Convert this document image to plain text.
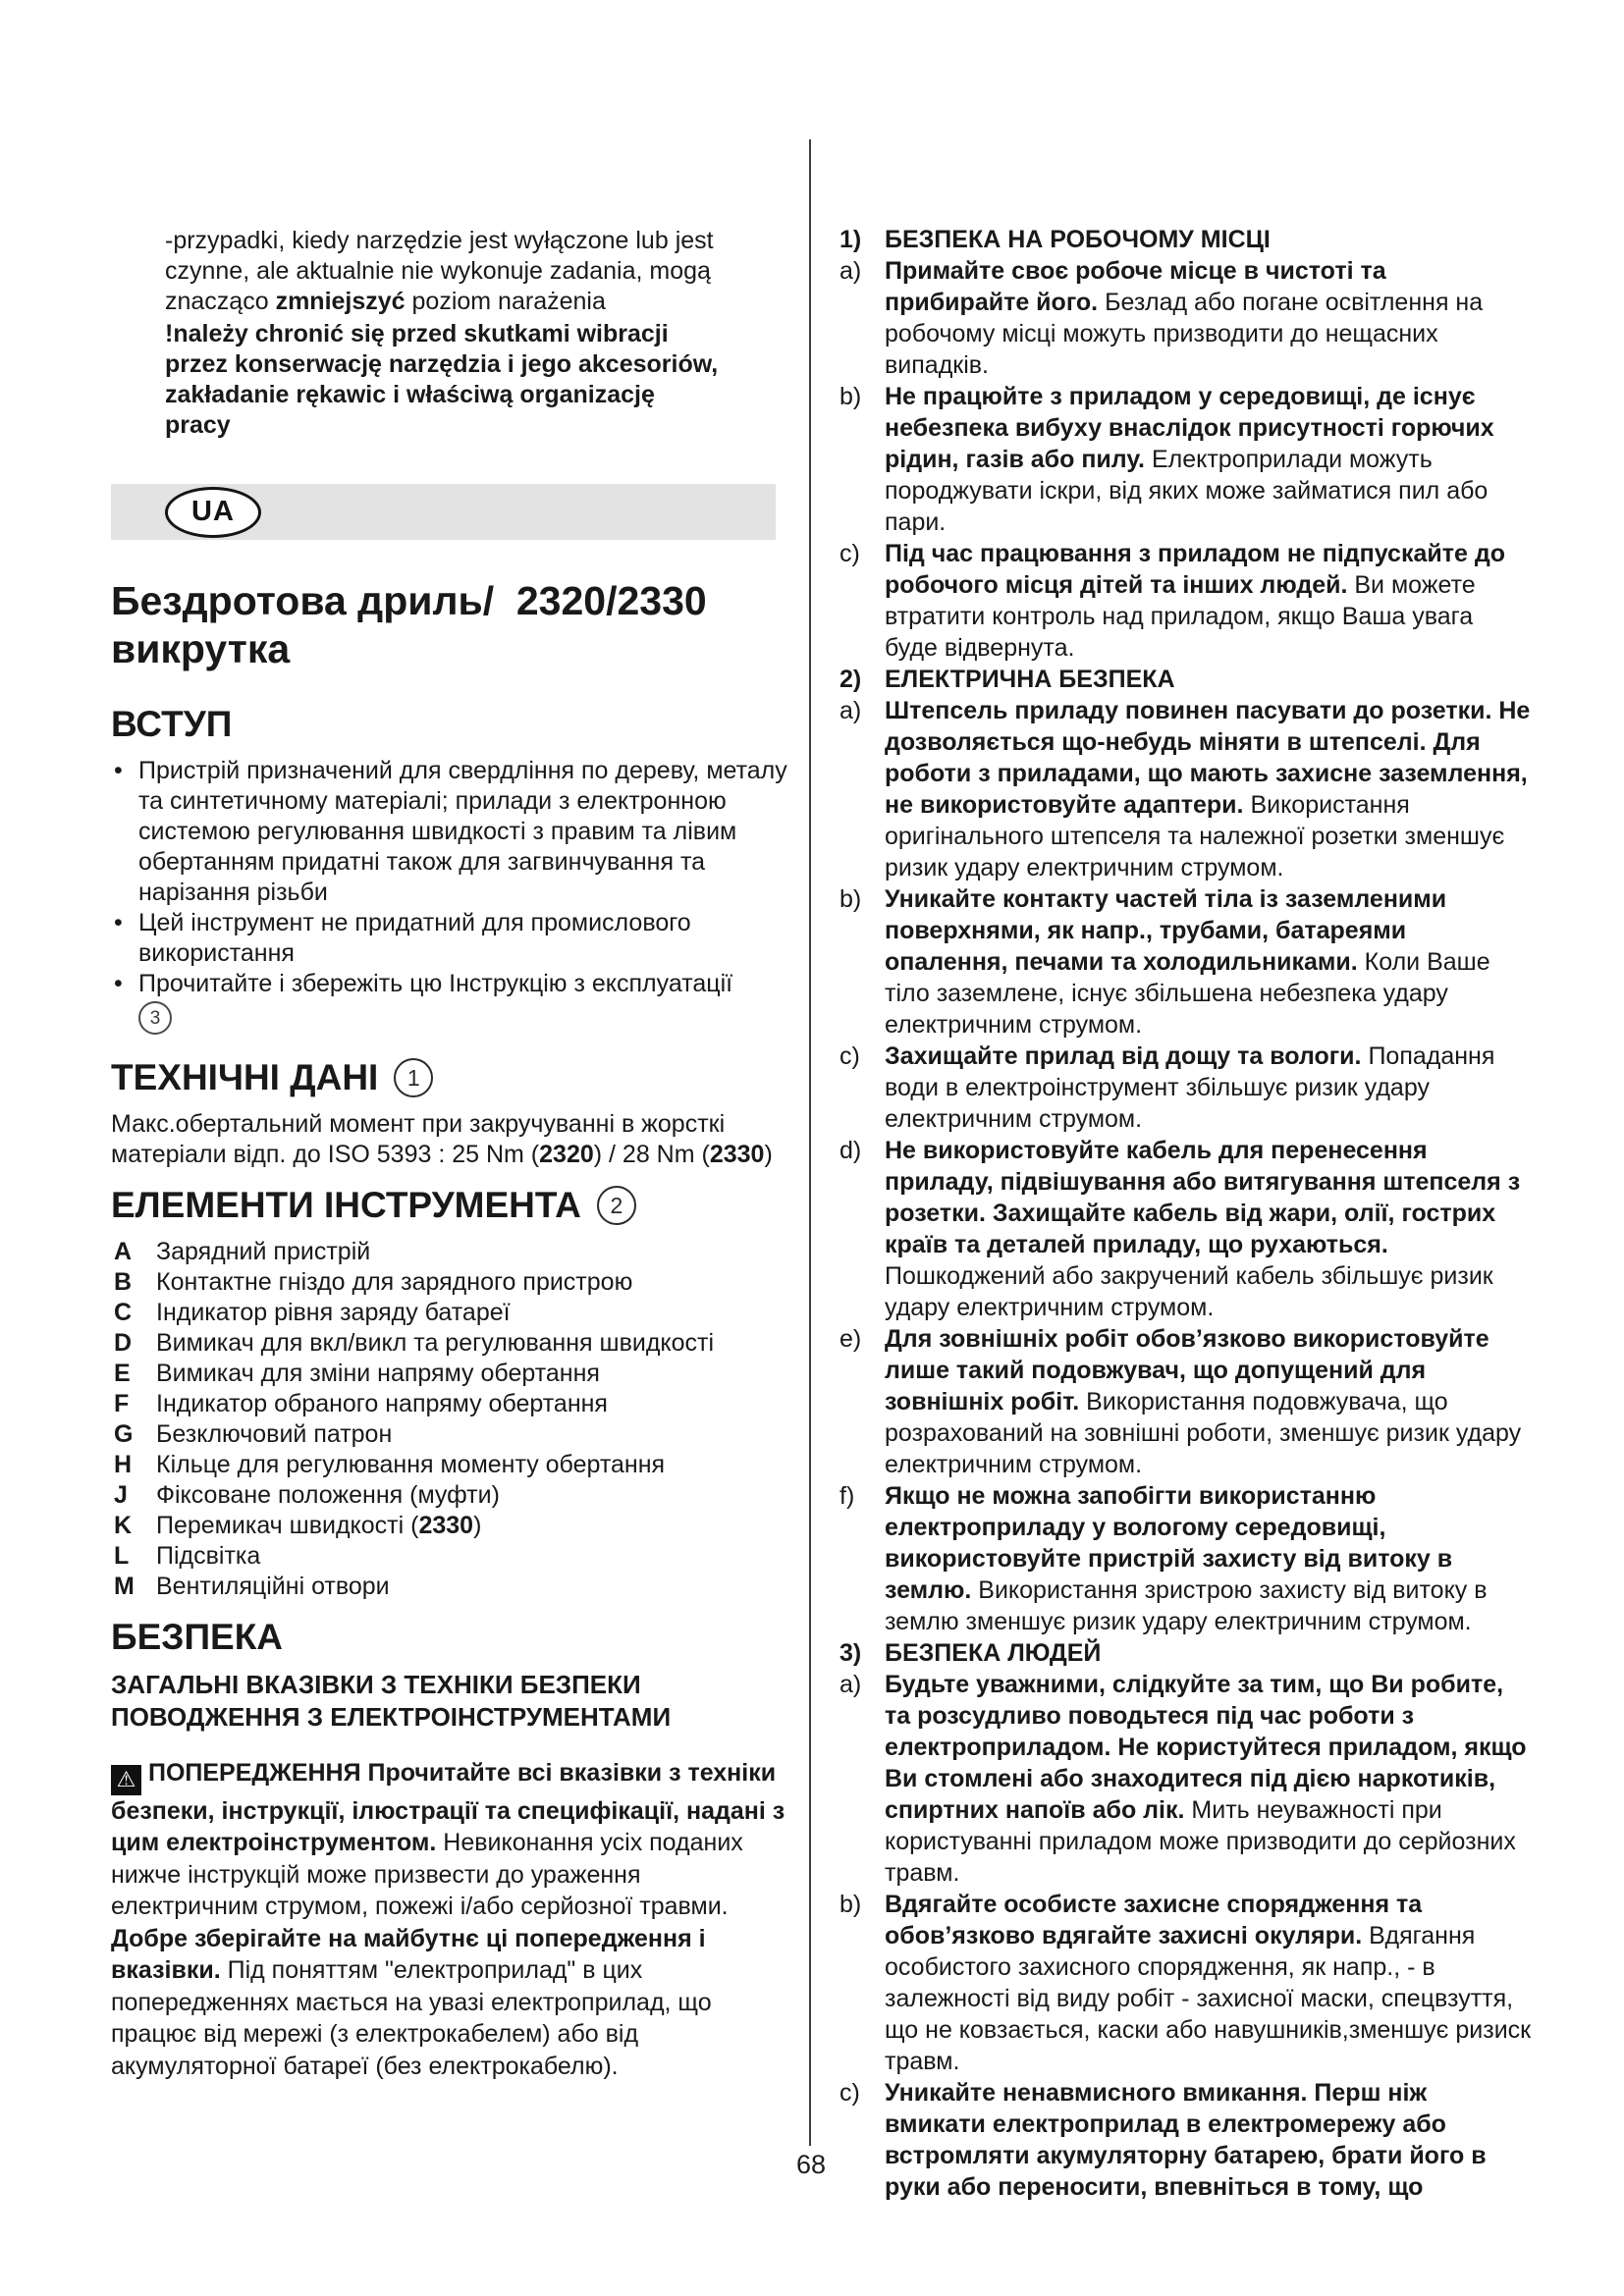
-przypadki, kiedy narzędzie jest wyłączone lub jest czynne, ale aktualnie nie wykonuje zadania, mogą znacząco zmniejszyć poziom narażenia
!należy chronić się przed skutkami wibracji przez konserwację narzędzia i jego akcesoriów, zakładanie rękawic i właściwą organizację pracy
UA
Бездротова дриль/  2320/2330
викрутка
ВСТУП
• Пристрій призначений для свердління по дереву, металу та синтетичному матеріалі; прилади з електронною системою регулювання швидкості з правим та лівим обертанням придатні також для загвинчування та нарізання різьби
• Цей інструмент не придатний для промислового використання
• Прочитайте і збережіть цю Інструкцію з експлуатації
3
ТЕХНІЧНІ ДАНІ	1
Макс.обертальний момент при закручуванні в жорсткі матеріали відп. до ISO 5393 : 25 Nm (2320) / 28 Nm (2330)
ЕЛЕМЕНТИ ІНСТРУМЕНТА	2
A Зарядний пристрій
B Контактне гніздо для зарядного пристрою
C Індикатор рівня заряду батареї
D Вимикач для вкл/викл та регулювання швидкості
E Вимикач для зміни напряму обертання
F Індикатор обраного напряму обертання
G Безключовий патрон
H Кільце для регулювання моменту обертання
J Фіксоване положення (муфти)
K Перемикач швидкості (2330)
L Підсвітка
M Вентиляційні отвори
БЕЗПЕКА
ЗАГАЛЬНІ ВКАЗІВКИ З ТЕХНІКИ БЕЗПЕКИ ПОВОДЖЕННЯ З ЕЛЕКТРОІНСТРУМЕНТАМИ
⚠ ПОПЕРЕДЖЕННЯ Прочитайте всі вказівки з техніки безпеки, інструкції, ілюстрації та специфікації, надані з цим електроінструментом. Невиконання усіх поданих нижче інструкцій може призвести до ураження електричним струмом, пожежі і/або серйозної травми. Добре зберігайте на майбутнє ці попередження і вказівки. Під поняттям "електроприлад" в цих попередженнях мається на увазі електроприлад, що працює від мережі (з електрокабелем) або від акумуляторної батареї (без електрокабелю).
1) БЕЗПЕКА НА РОБОЧОМУ МІСЦІ
a) Примайте своє робоче місце в чистоті та прибирайте його. Безлад або погане освітлення на робочому місці можуть призводити до нещасних випадків.
b) Не працюйте з приладом у середовищі, де існує небезпека вибуху внаслідок присутності горючих рідин, газів або пилу. Електроприлади можуть породжувати іскри, від яких може займатися пил або пари.
c) Під час працювання з приладом не підпускайте до робочого місця дітей та інших людей. Ви можете втратити контроль над приладом, якщо Ваша увага буде відвернута.
2) ЕЛЕКТРИЧНА БЕЗПЕКА
a) Штепсель приладу повинен пасувати до розетки. Не дозволяється що-небудь міняти в штепселі. Для роботи з приладами, що мають захисне заземлення, не використовуйте адаптери. Використання оригінального штепселя та належної розетки зменшує ризик удару електричним струмом.
b) Уникайте контакту частей тіла із заземленими поверхнями, як напр., трубами, батареями опалення, печами та холодильниками. Коли Ваше тіло заземлене, існує збільшена небезпека удару електричним струмом.
c) Захищайте прилад від дощу та вологи. Попадання води в електроінструмент збільшує ризик удару електричним струмом.
d) Не використовуйте кабель для перенесення приладу, підвішування або витягування штепселя з розетки. Захищайте кабель від жари, олії, гострих країв та деталей приладу, що рухаються. Пошкоджений або закручений кабель збільшує ризик удару електричним струмом.
e) Для зовнішніх робіт обов’язково використовуйте лише такий подовжувач, що допущений для зовнішніх робіт. Використання подовжувача, що розрахований на зовнішні роботи, зменшує ризик удару електричним струмом.
f) Якщо не можна запобігти використанню електроприладу у вологому середовищі, використовуйте пристрій захисту від витоку в землю. Використання зристрою захисту від витоку в землю зменшує ризик удару електричним струмом.
3) БЕЗПЕКА ЛЮДЕЙ
a) Будьте уважними, слідкуйте за тим, що Ви робите, та розсудливо поводьтеся під час роботи з електроприладом. Не користуйтеся приладом, якщо Ви стомлені або знаходитеся під дією наркотиків, спиртних напоїв або лік. Мить неуважності при користуванні приладом може призводити до серйозних травм.
b) Вдягайте особисте захисне спорядження та обов’язково вдягайте захисні окуляри. Вдягання особистого захисного спорядження, як напр., - в залежності від виду робіт - захисної маски, спецвзуття, що не ковзається, каски або навушників,зменшує ризиск травм.
c) Уникайте ненавмисного вмикання. Перш ніж вмикати електроприлад в електромережу або встромляти акумуляторну батарею, брати його в руки або переносити, впевніться в тому, що
68
